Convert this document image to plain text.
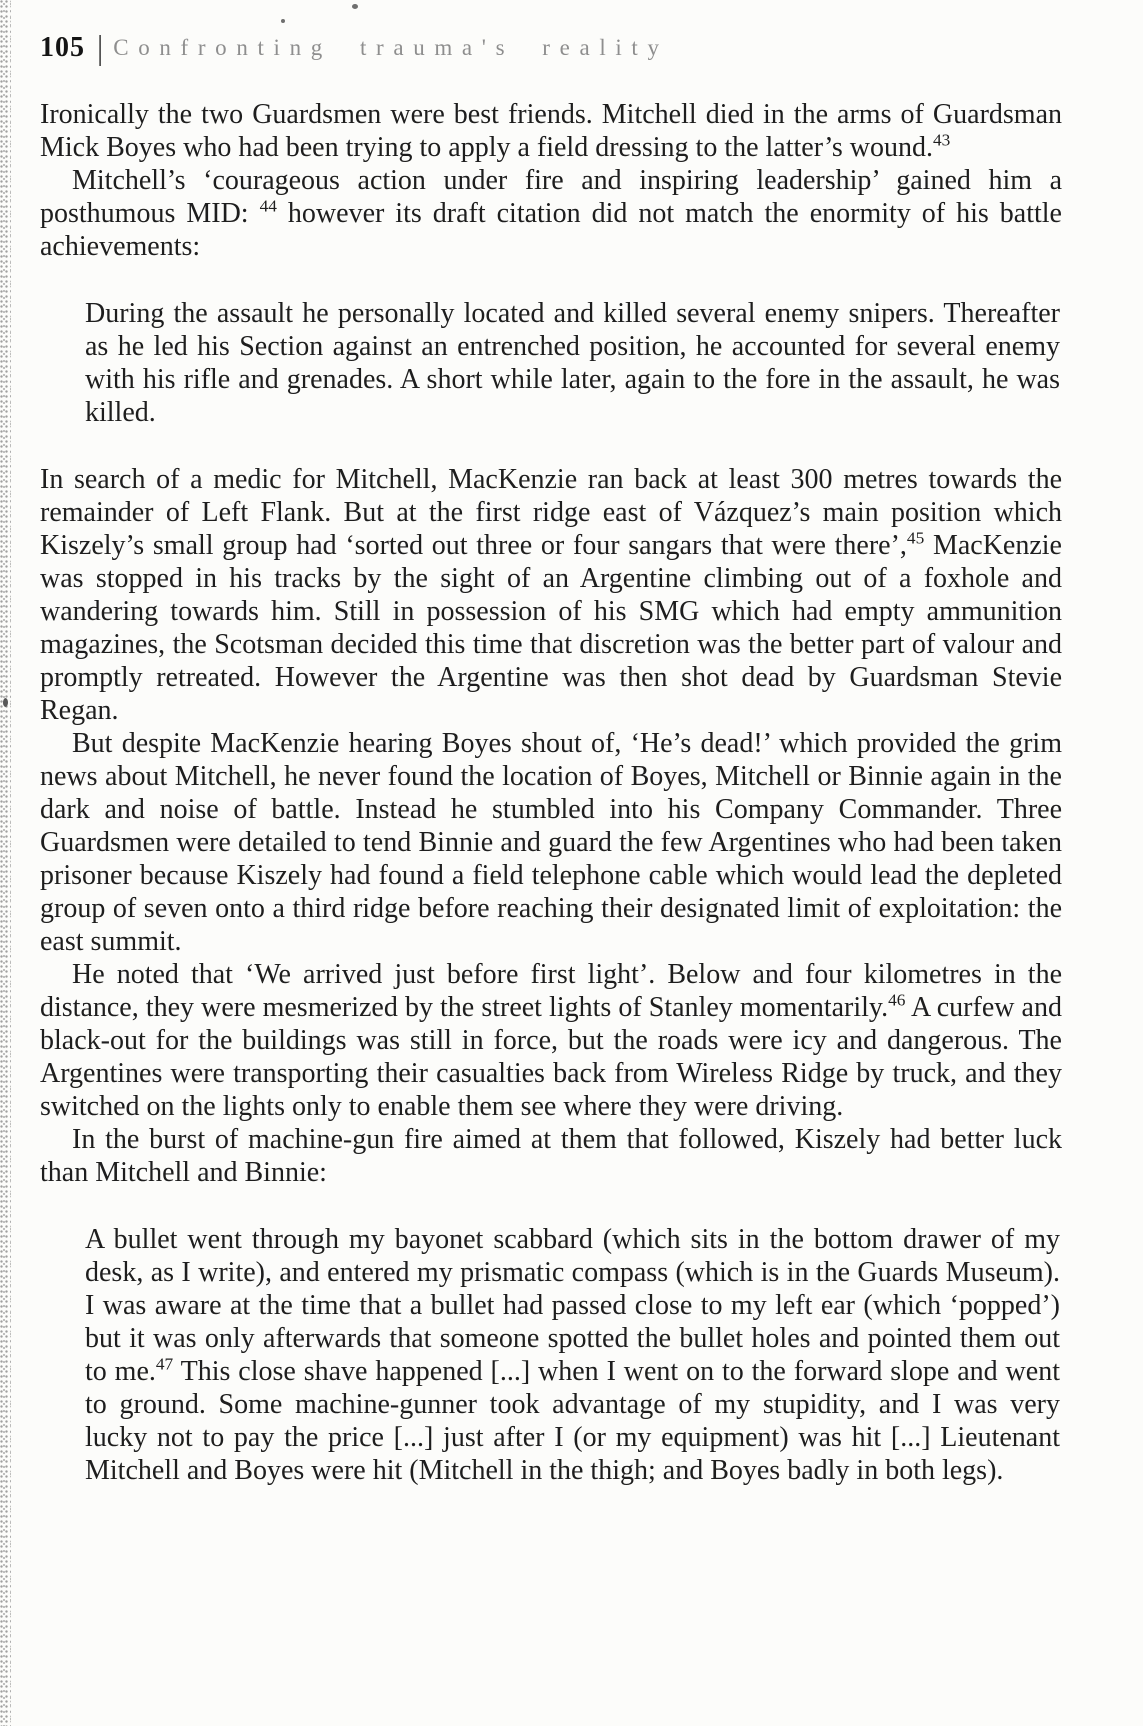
105 | Confronting trauma's reality

Ironically the two Guardsmen were best friends. Mitchell died in the arms of Guardsman Mick Boyes who had been trying to apply a field dressing to the latter’s wound.$^{43}$

Mitchell’s ‘courageous action under fire and inspiring leadership’ gained him a posthumous MID: $^{44}$ however its draft citation did not match the enormity of his battle achievements:

During the assault he personally located and killed several enemy snipers. Thereafter as he led his Section against an entrenched position, he accounted for several enemy with his rifle and grenades. A short while later, again to the fore in the assault, he was killed.

In search of a medic for Mitchell, MacKenzie ran back at least 300 metres towards the remainder of Left Flank. But at the first ridge east of Vázquez’s main position which Kiszely’s small group had ‘sorted out three or four sangars that were there’,$^{45}$ MacKenzie was stopped in his tracks by the sight of an Argentine climbing out of a foxhole and wandering towards him. Still in possession of his SMG which had empty ammunition magazines, the Scotsman decided this time that discretion was the better part of valour and promptly retreated. However the Argentine was then shot dead by Guardsman Stevie Regan.

But despite MacKenzie hearing Boyes shout of, ‘He’s dead!’ which provided the grim news about Mitchell, he never found the location of Boyes, Mitchell or Binnie again in the dark and noise of battle. Instead he stumbled into his Company Commander. Three Guardsmen were detailed to tend Binnie and guard the few Argentines who had been taken prisoner because Kiszely had found a field telephone cable which would lead the depleted group of seven onto a third ridge before reaching their designated limit of exploitation: the east summit.

He noted that ‘We arrived just before first light’. Below and four kilometres in the distance, they were mesmerized by the street lights of Stanley momentarily.$^{46}$ A curfew and black-out for the buildings was still in force, but the roads were icy and dangerous. The Argentines were transporting their casualties back from Wireless Ridge by truck, and they switched on the lights only to enable them see where they were driving.

In the burst of machine-gun fire aimed at them that followed, Kiszely had better luck than Mitchell and Binnie:

A bullet went through my bayonet scabbard (which sits in the bottom drawer of my desk, as I write), and entered my prismatic compass (which is in the Guards Museum). I was aware at the time that a bullet had passed close to my left ear (which ‘popped’) but it was only afterwards that someone spotted the bullet holes and pointed them out to me.$^{47}$ This close shave happened [...] when I went on to the forward slope and went to ground. Some machine-gunner took advantage of my stupidity, and I was very lucky not to pay the price [...] just after I (or my equipment) was hit [...] Lieutenant Mitchell and Boyes were hit (Mitchell in the thigh; and Boyes badly in both legs).
